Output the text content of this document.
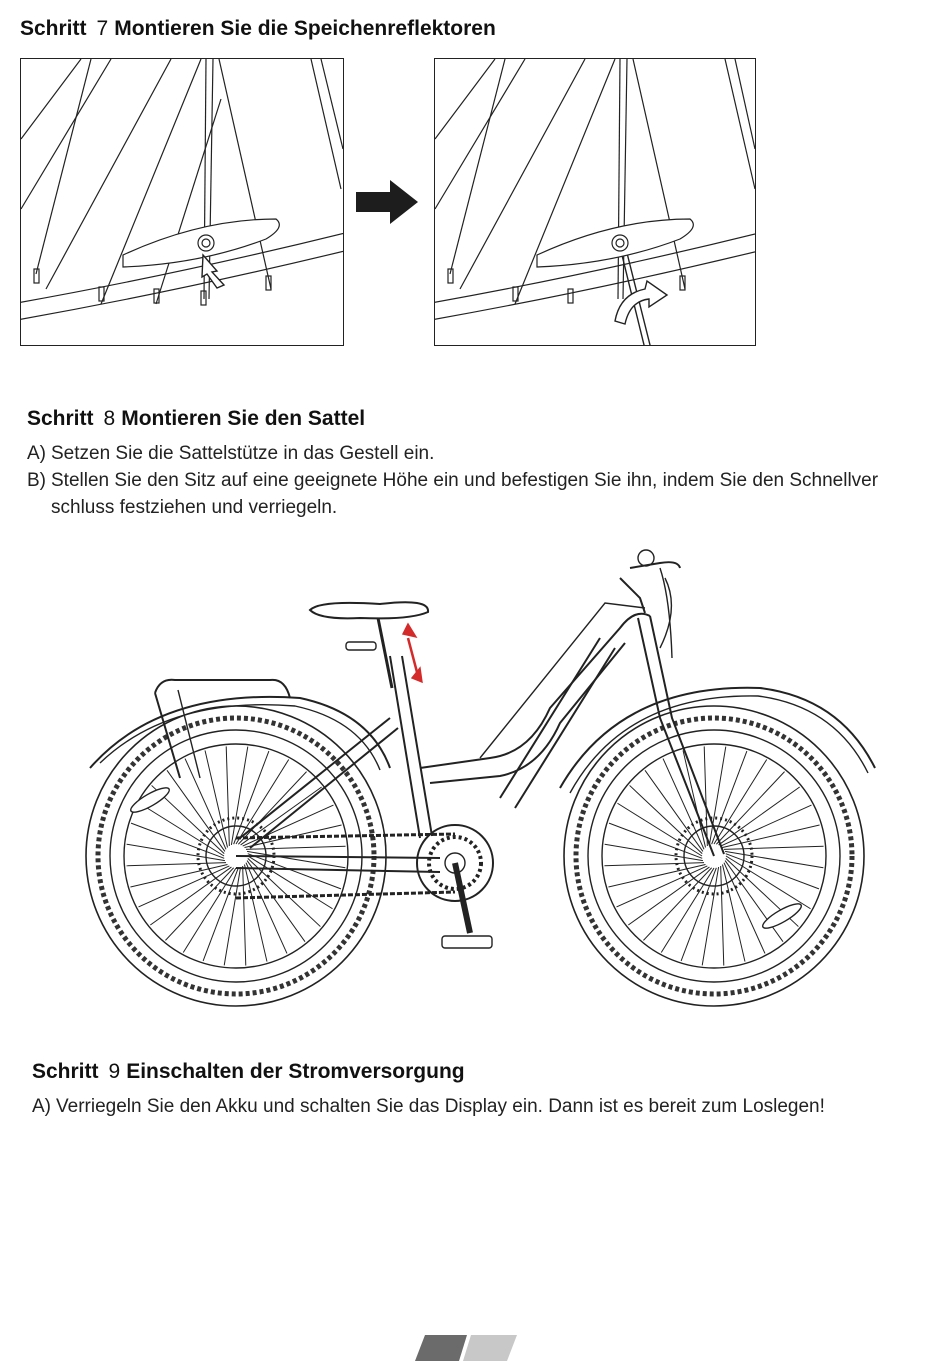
Schritt 7 Montieren Sie die Speichenreflektoren
Schritt 8 Montieren Sie den Sattel
A) Setzen Sie die Sattelstütze in das Gestell ein.
B) Stellen Sie den Sitz auf eine geeignete Höhe ein und befestigen Sie ihn, indem Sie den Schnellver
schluss festziehen und verriegeln.
Schritt 9 Einschalten der Stromversorgung
A) Verriegeln Sie den Akku und schalten Sie das Display ein. Dann ist es bereit zum Loslegen!
